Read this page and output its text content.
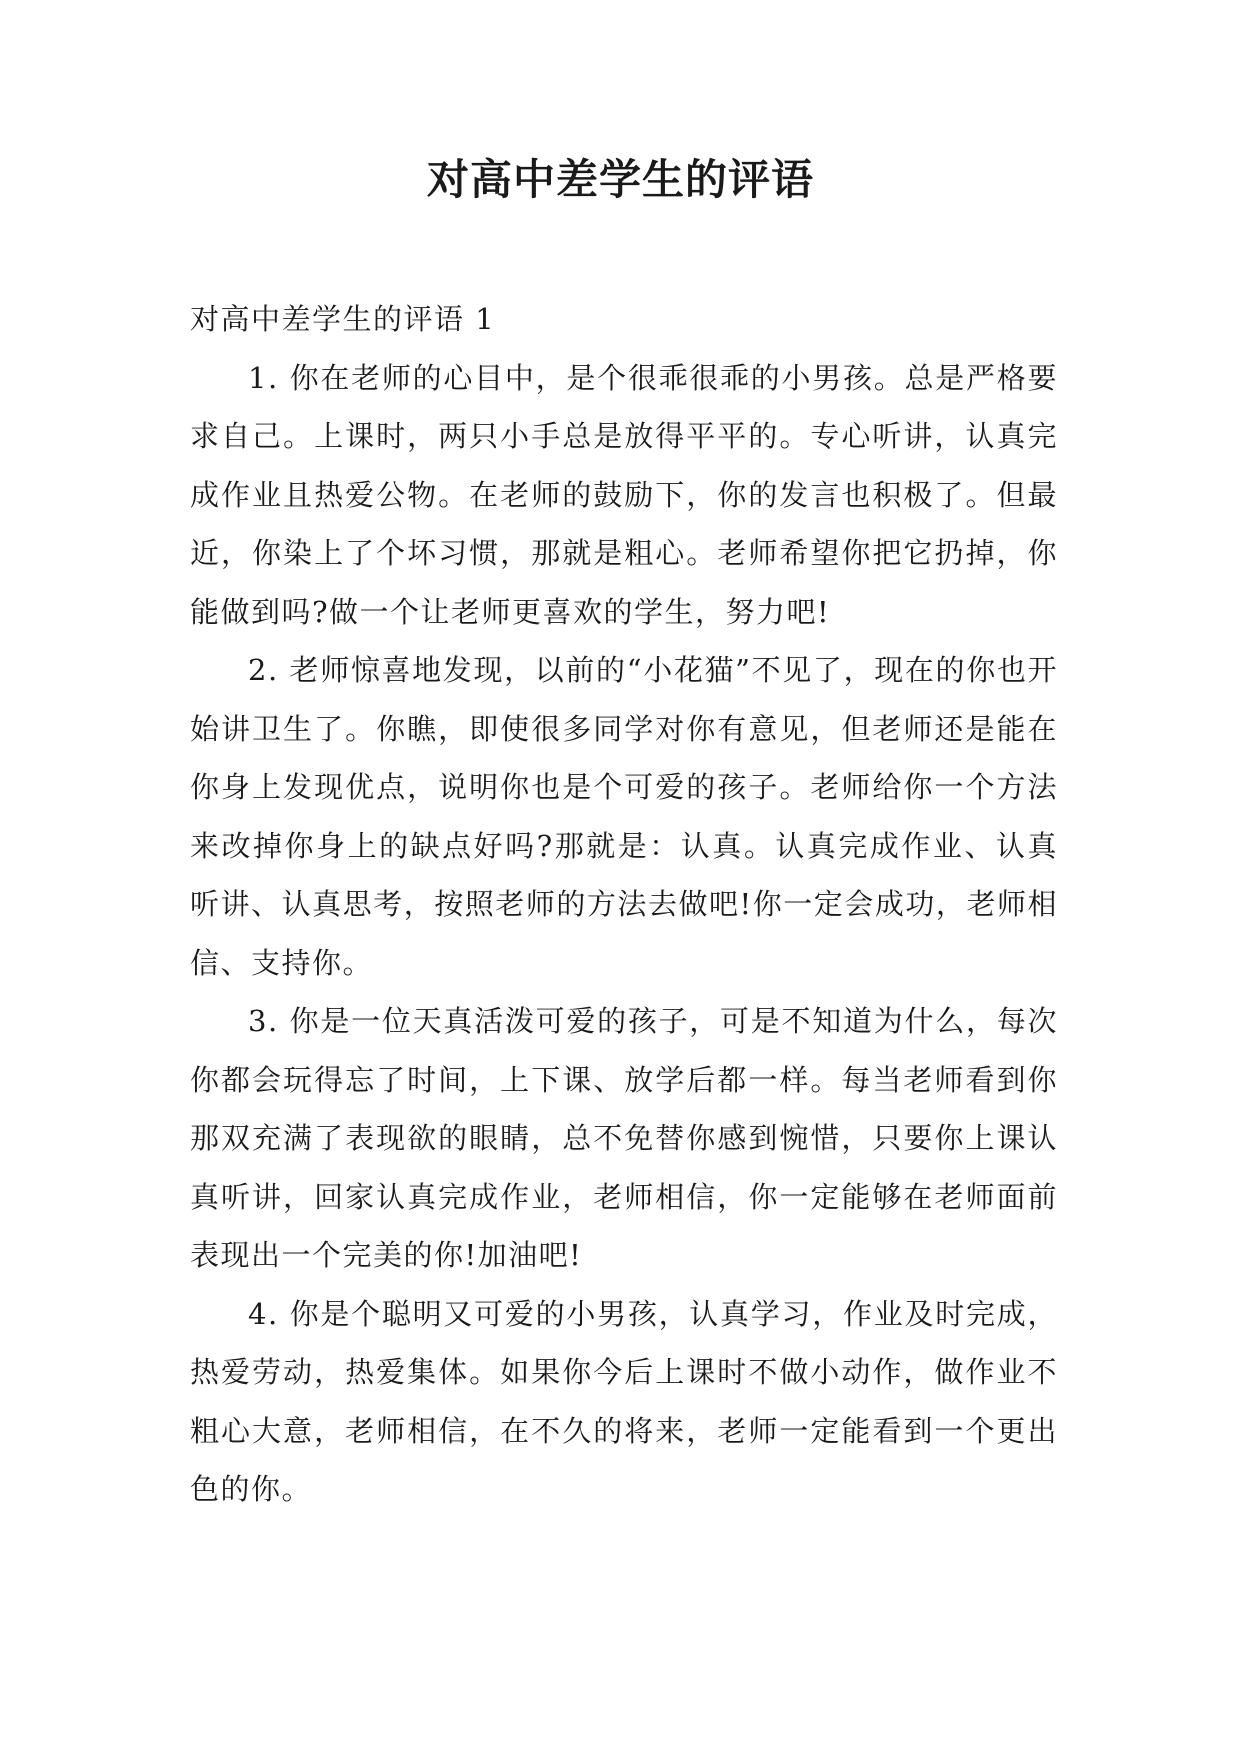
对高中差学生的评语

对高中差学生的评语 1

1. 你在老师的心目中，是个很乖很乖的小男孩。总是严格要求自己。上课时，两只小手总是放得平平的。专心听讲，认真完成作业且热爱公物。在老师的鼓励下，你的发言也积极了。但最近，你染上了个坏习惯，那就是粗心。老师希望你把它扔掉，你能做到吗?做一个让老师更喜欢的学生，努力吧!

2. 老师惊喜地发现，以前的“小花猫”不见了，现在的你也开始讲卫生了。你瞧，即使很多同学对你有意见，但老师还是能在你身上发现优点，说明你也是个可爱的孩子。老师给你一个方法来改掉你身上的缺点好吗?那就是：认真。认真完成作业、认真听讲、认真思考，按照老师的方法去做吧!你一定会成功，老师相信、支持你。

3. 你是一位天真活泼可爱的孩子，可是不知道为什么，每次你都会玩得忘了时间，上下课、放学后都一样。每当老师看到你那双充满了表现欲的眼睛，总不免替你感到惋惜，只要你上课认真听讲，回家认真完成作业，老师相信，你一定能够在老师面前表现出一个完美的你!加油吧!

4. 你是个聪明又可爱的小男孩，认真学习，作业及时完成，热爱劳动，热爱集体。如果你今后上课时不做小动作，做作业不粗心大意，老师相信，在不久的将来，老师一定能看到一个更出色的你。
